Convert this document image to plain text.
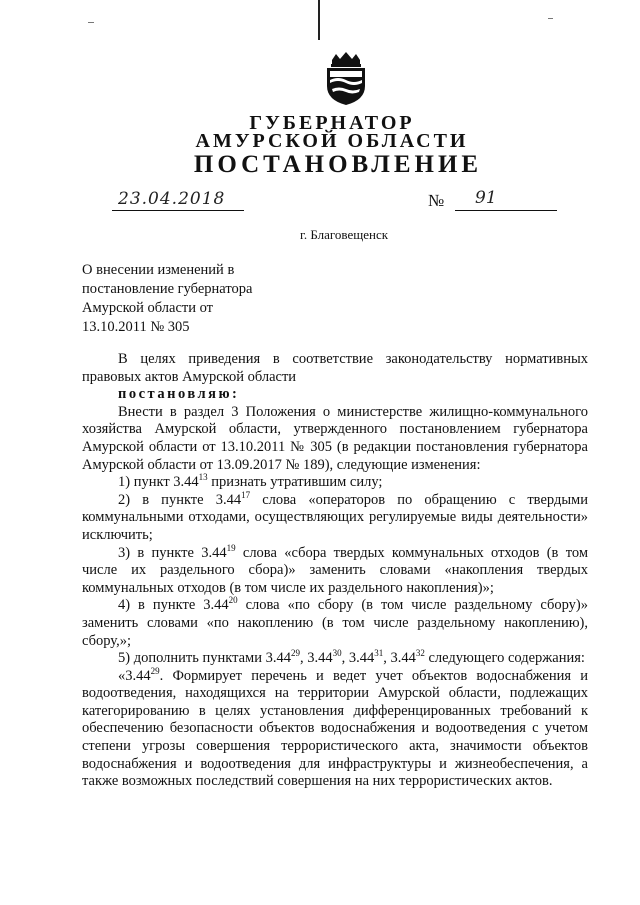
ГУБЕРНАТОР
АМУРСКОЙ ОБЛАСТИ
ПОСТАНОВЛЕНИЕ
23.04.2018	№ 91
г. Благовещенск
О внесении изменений в
постановление губернатора
Амурской области от
13.10.2011 № 305

В целях приведения в соответствие законодательству нормативных правовых актов Амурской области

постановляю:

Внести в раздел 3 Положения о министерстве жилищно-коммунального хозяйства Амурской области, утвержденного постановлением губернатора Амурской области от 13.10.2011 № 305 (в редакции постановления губернатора Амурской области от 13.09.2017 № 189), следующие изменения:

1) пункт 3.44$^{13}$ признать утратившим силу;

2) в пункте 3.44$^{17}$ слова «операторов по обращению с твердыми коммунальными отходами, осуществляющих регулируемые виды деятельности» исключить;

3) в пункте 3.44$^{19}$ слова «сбора твердых коммунальных отходов (в том числе их раздельного сбора)» заменить словами «накопления твердых коммунальных отходов (в том числе их раздельного накопления)»;

4) в пункте 3.44$^{20}$ слова «по сбору (в том числе раздельному сбору)» заменить словами «по накоплению (в том числе раздельному накоплению), сбору,»;

5) дополнить пунктами 3.44$^{29}$, 3.44$^{30}$, 3.44$^{31}$, 3.44$^{32}$ следующего содержания:

«3.44$^{29}$. Формирует перечень и ведет учет объектов водоснабжения и водоотведения, находящихся на территории Амурской области, подлежащих категорированию в целях установления дифференцированных требований к обеспечению безопасности объектов водоснабжения и водоотведения с учетом степени угрозы совершения террористического акта, значимости объектов водоснабжения и водоотведения для инфраструктуры и жизнеобеспечения, а также возможных последствий совершения на них террористических актов.
